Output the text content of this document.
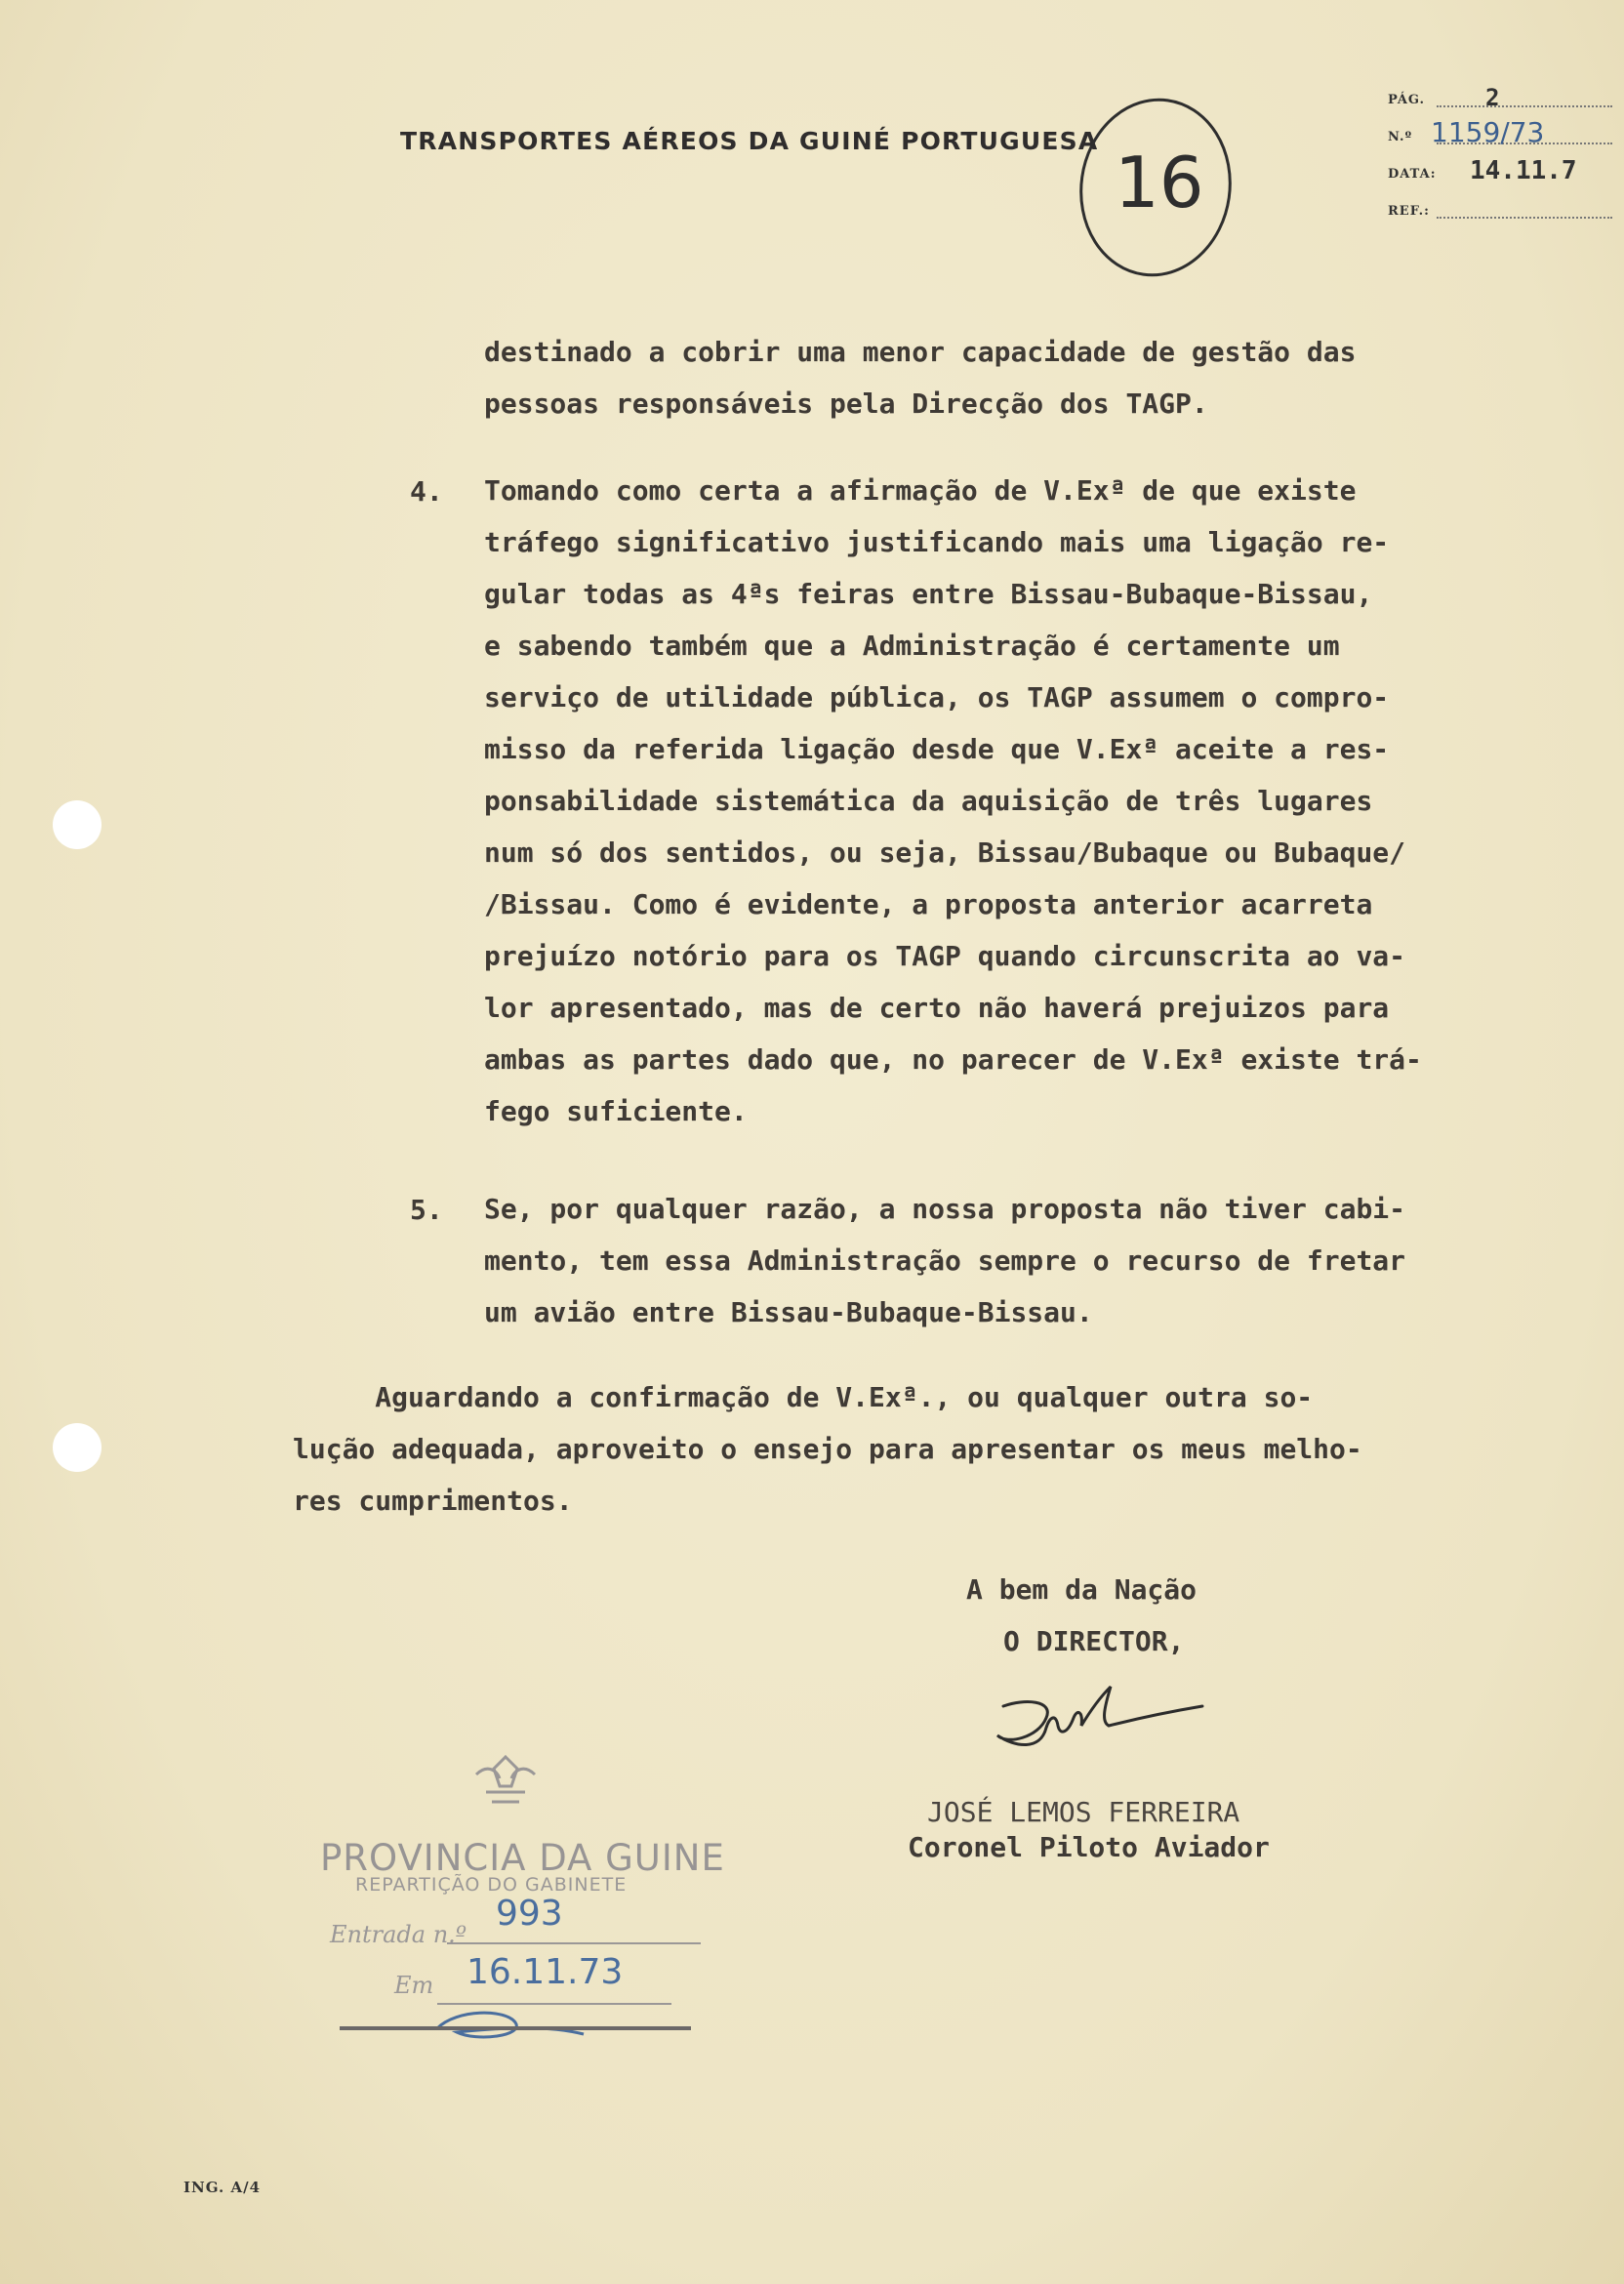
TRANSPORTES AÉREOS DA GUINÉ PORTUGUESA
PÁG.	2
N.º 1159/73
DATA: 14.11.7
REF.:
16
destinado a cobrir uma menor capacidade de gestão das
pessoas responsáveis pela Direcção dos TAGP.
4. Tomando como certa a afirmação de V.Exª de que existe
tráfego significativo justificando mais uma ligação re-
gular todas as 4ªs feiras entre Bissau-Bubaque-Bissau,
e sabendo também que a Administração é certamente um
serviço de utilidade pública, os TAGP assumem o compro-
misso da referida ligação desde que V.Exª aceite a res-
ponsabilidade sistemática da aquisição de três lugares
num só dos sentidos, ou seja, Bissau/Bubaque ou Bubaque/
/Bissau. Como é evidente, a proposta anterior acarreta
prejuízo notório para os TAGP quando circunscrita ao va-
lor apresentado, mas de certo não haverá prejuizos para
ambas as partes dado que, no parecer de V.Exª existe trá-
fego suficiente.
5. Se, por qualquer razão, a nossa proposta não tiver cabi-
mento, tem essa Administração sempre o recurso de fretar
um avião entre Bissau-Bubaque-Bissau.
Aguardando a confirmação de V.Exª., ou qualquer outra so-
lução adequada, aproveito o ensejo para apresentar os meus melho-
res cumprimentos.
A bem da Nação
O DIRECTOR,
JOSÉ LEMOS FERREIRA
Coronel Piloto Aviador
PROVINCIA DA GUINE
REPARTIÇÃO DO GABINETE
Entrada n.º
993
Em 16.11.73
ING. A/4
